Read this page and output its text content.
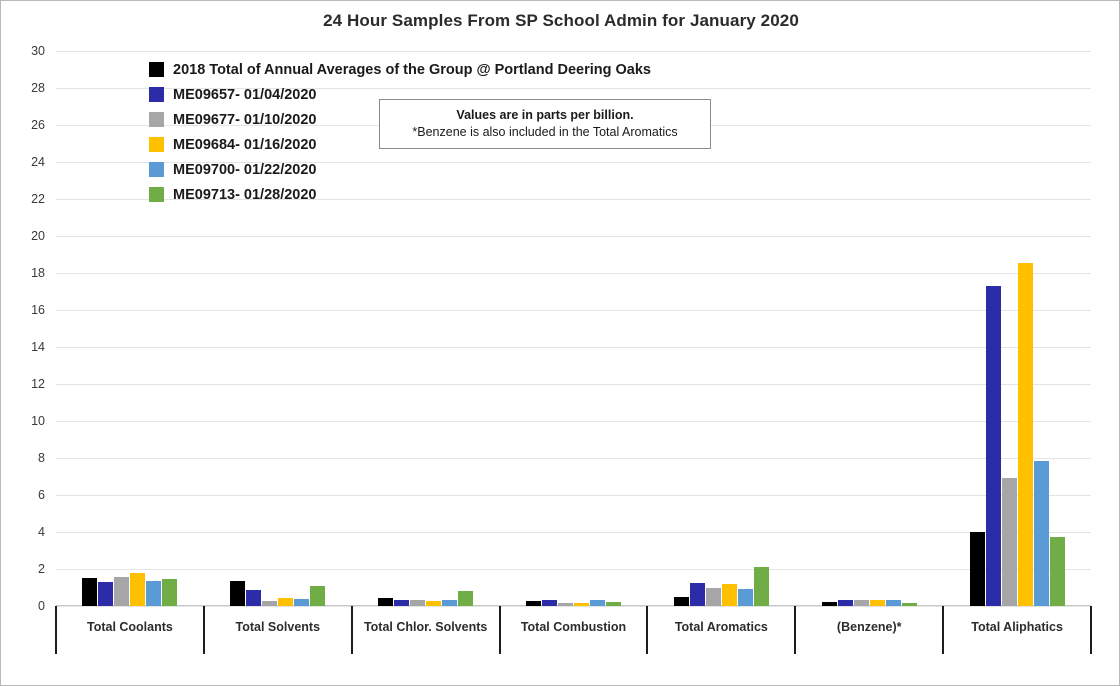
24 Hour Samples From SP School Admin for January 2020
0
2
4
6
8
10
12
14
16
18
20
22
24
26
28
30
Total Coolants	Total Solvents	Total Chlor. Solvents	Total Combustion	Total Aromatics	(Benzene)*	Total Aliphatics
2018 Total of Annual Averages of the Group @ Portland Deering Oaks
ME09657- 01/04/2020
ME09677- 01/10/2020
ME09684- 01/16/2020
ME09700- 01/22/2020
ME09713- 01/28/2020
Values are in parts per billion.
*Benzene is also included in the Total Aromatics
